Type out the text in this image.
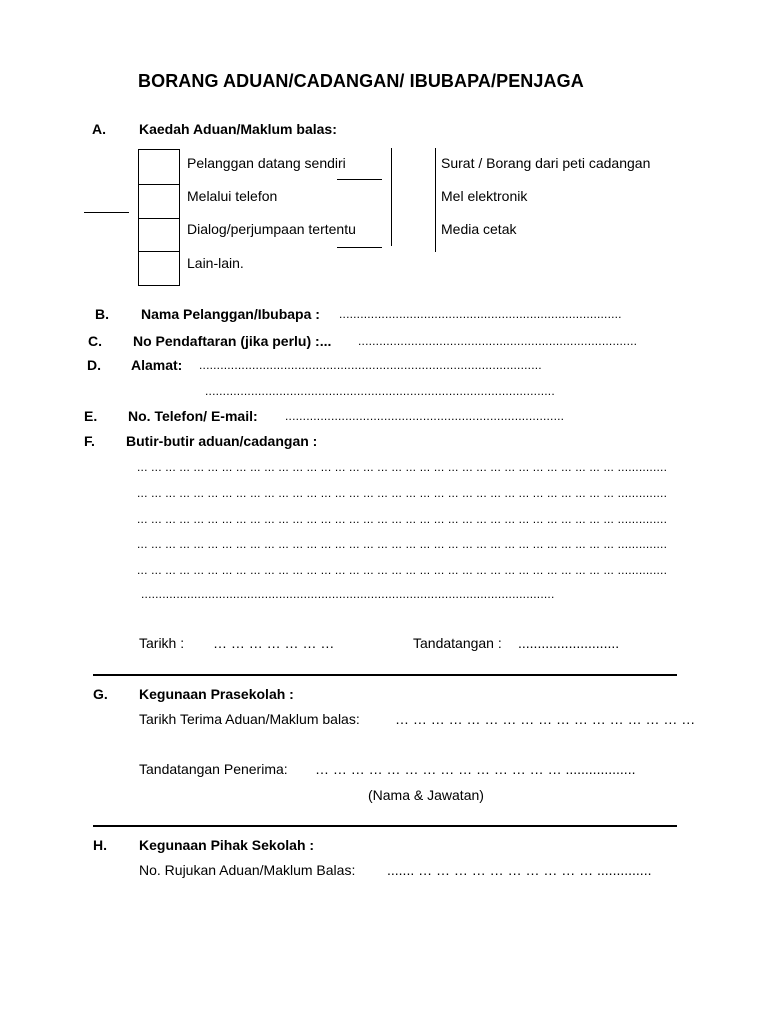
BORANG ADUAN/CADANGAN/ IBUBAPA/PENJAGA
A. Kaedah Aduan/Maklum balas:
Pelanggan datang sendiri
Melalui telefon
Dialog/perjumpaan tertentu
Lain-lain.
Surat / Borang dari peti cadangan
Mel elektronik
Media cetak
B. Nama Pelanggan/Ibubapa : ................................................................................
C. No Pendaftaran (jika perlu) :... ...............................................................................
D. Alamat: .................................................................................................
...................................................................................................
E. No. Telefon/ E-mail: ...............................................................................
F. Butir-butir aduan/cadangan :
... ... ... ... ... ... ... ... ... ... ... ... ... ... ... ... ... ... ... ... ... ... ... ... ... ... ... ... ... ... ... ... ... ... ..............
... ... ... ... ... ... ... ... ... ... ... ... ... ... ... ... ... ... ... ... ... ... ... ... ... ... ... ... ... ... ... ... ... ... ..............
... ... ... ... ... ... ... ... ... ... ... ... ... ... ... ... ... ... ... ... ... ... ... ... ... ... ... ... ... ... ... ... ... ... ..............
... ... ... ... ... ... ... ... ... ... ... ... ... ... ... ... ... ... ... ... ... ... ... ... ... ... ... ... ... ... ... ... ... ... ..............
... ... ... ... ... ... ... ... ... ... ... ... ... ... ... ... ... ... ... ... ... ... ... ... ... ... ... ... ... ... ... ... ... ... ..............
.....................................................................................................................
Tarikh : … … … … … … …	Tandatangan : ..........................
G. Kegunaan Prasekolah :
Tarikh Terima Aduan/Maklum balas:	… … … … … … … … … … … … … … … … …
Tandatangan Penerima: … … … … … … … … … … … … … … ..................
(Nama & Jawatan)
H. Kegunaan Pihak Sekolah :
No. Rujukan Aduan/Maklum Balas: ....... … … … … … … … … … … ..............
